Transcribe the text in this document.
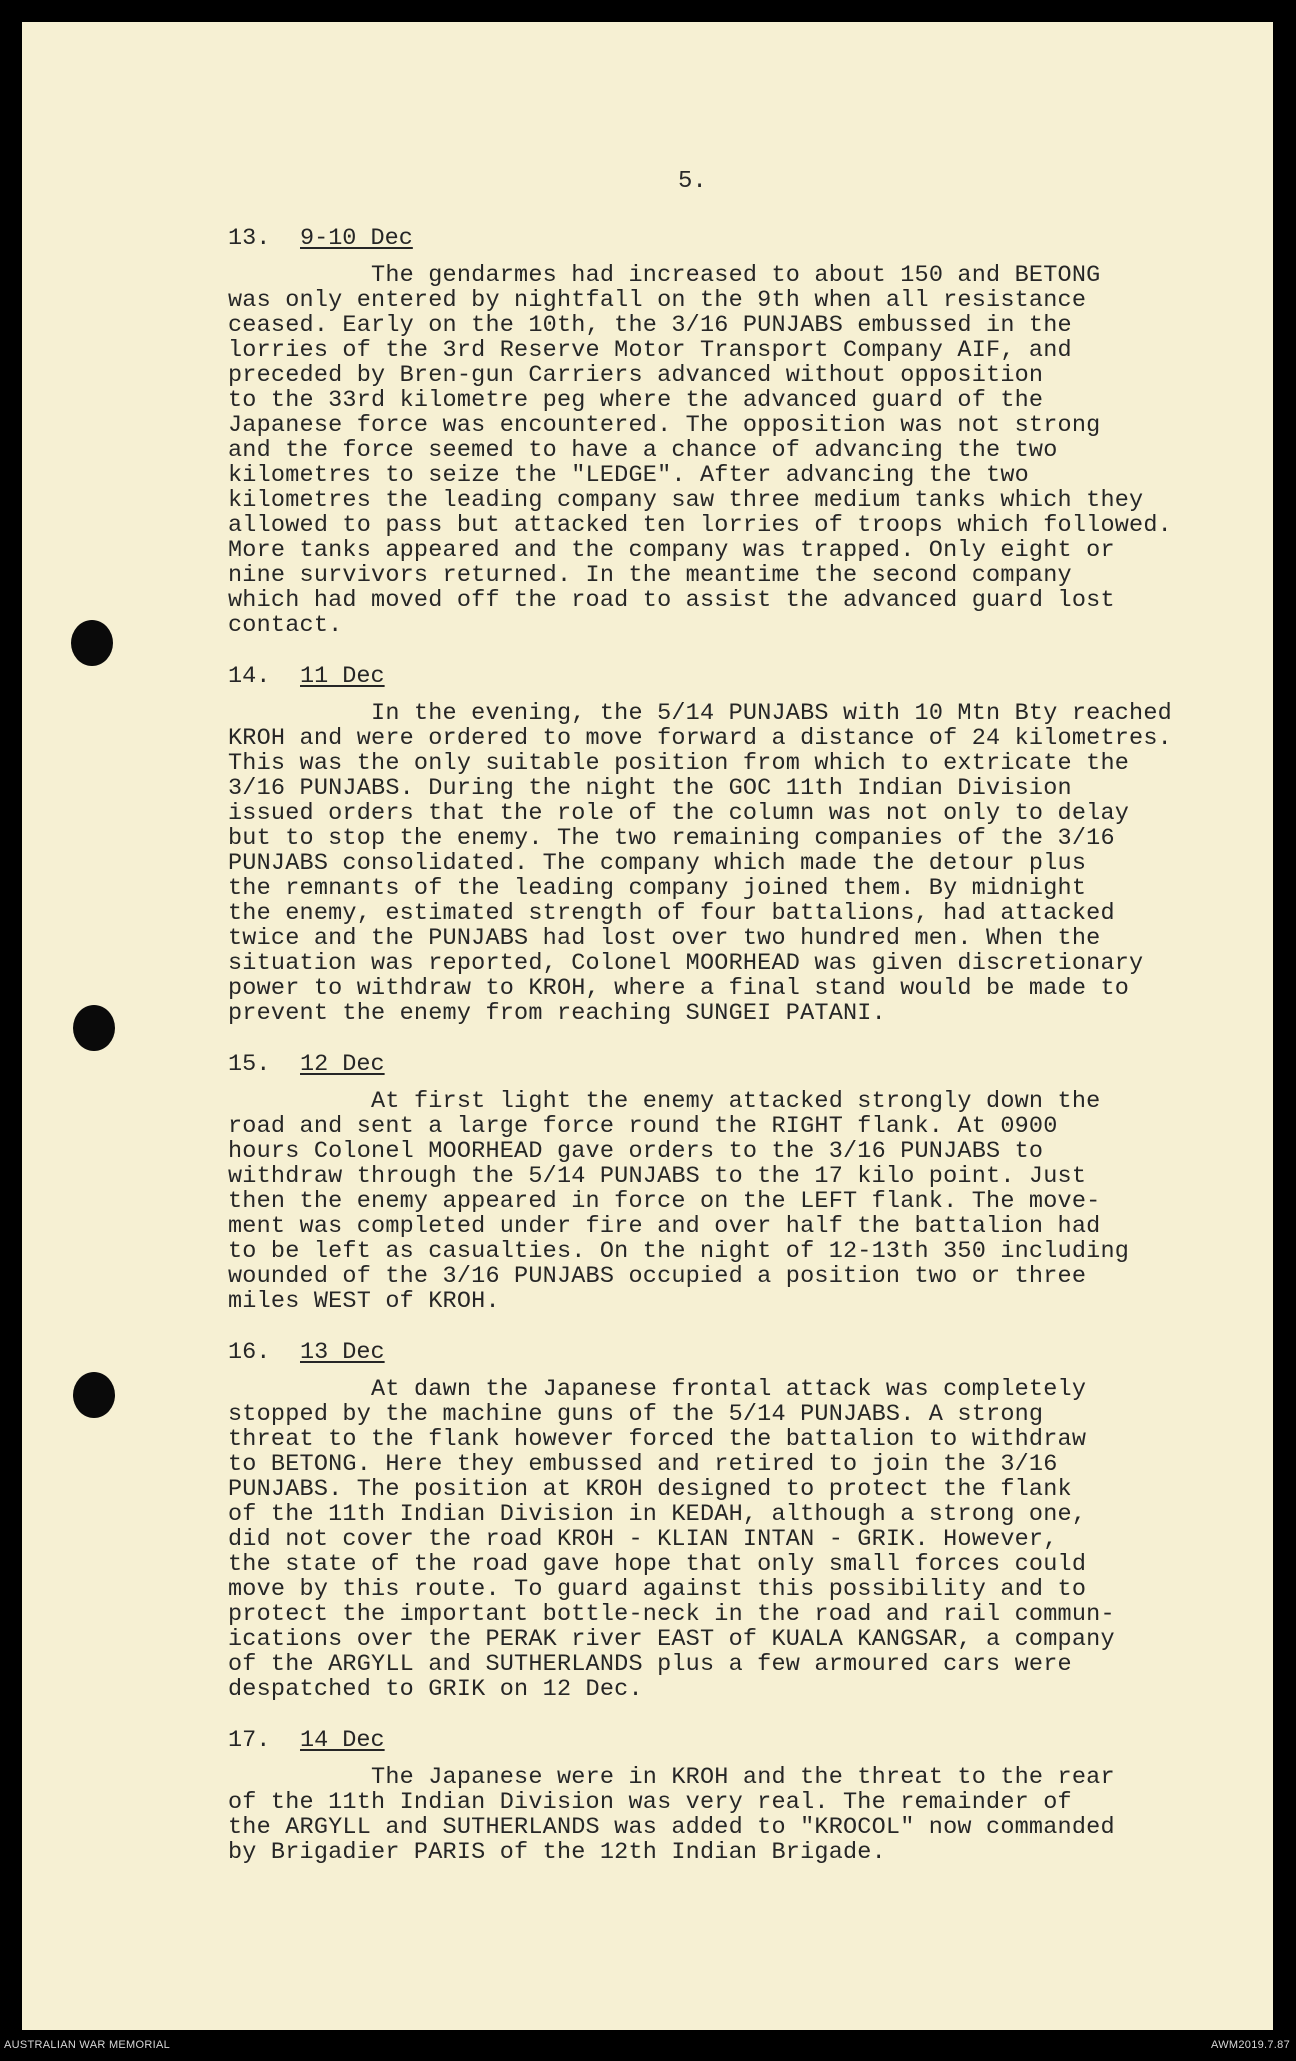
5.

13. 9-10 Dec

The gendarmes had increased to about 150 and BETONG
was only entered by nightfall on the 9th when all resistance
ceased. Early on the 10th, the 3/16 PUNJABS embussed in the
lorries of the 3rd Reserve Motor Transport Company AIF, and
preceded by Bren-gun Carriers advanced without opposition
to the 33rd kilometre peg where the advanced guard of the
Japanese force was encountered. The opposition was not strong
and the force seemed to have a chance of advancing the two
kilometres to seize the "LEDGE". After advancing the two
kilometres the leading company saw three medium tanks which they
allowed to pass but attacked ten lorries of troops which followed.
More tanks appeared and the company was trapped. Only eight or
nine survivors returned. In the meantime the second company
which had moved off the road to assist the advanced guard lost
contact.

14. 11 Dec

In the evening, the 5/14 PUNJABS with 10 Mtn Bty reached
KROH and were ordered to move forward a distance of 24 kilometres.
This was the only suitable position from which to extricate the
3/16 PUNJABS. During the night the GOC 11th Indian Division
issued orders that the role of the column was not only to delay
but to stop the enemy. The two remaining companies of the 3/16
PUNJABS consolidated. The company which made the detour plus
the remnants of the leading company joined them. By midnight
the enemy, estimated strength of four battalions, had attacked
twice and the PUNJABS had lost over two hundred men. When the
situation was reported, Colonel MOORHEAD was given discretionary
power to withdraw to KROH, where a final stand would be made to
prevent the enemy from reaching SUNGEI PATANI.

15. 12 Dec

At first light the enemy attacked strongly down the
road and sent a large force round the RIGHT flank. At 0900
hours Colonel MOORHEAD gave orders to the 3/16 PUNJABS to
withdraw through the 5/14 PUNJABS to the 17 kilo point. Just
then the enemy appeared in force on the LEFT flank. The move-
ment was completed under fire and over half the battalion had
to be left as casualties. On the night of 12-13th 350 including
wounded of the 3/16 PUNJABS occupied a position two or three
miles WEST of KROH.

16. 13 Dec

At dawn the Japanese frontal attack was completely
stopped by the machine guns of the 5/14 PUNJABS. A strong
threat to the flank however forced the battalion to withdraw
to BETONG. Here they embussed and retired to join the 3/16
PUNJABS. The position at KROH designed to protect the flank
of the 11th Indian Division in KEDAH, although a strong one,
did not cover the road KROH - KLIAN INTAN - GRIK. However,
the state of the road gave hope that only small forces could
move by this route. To guard against this possibility and to
protect the important bottle-neck in the road and rail commun-
ications over the PERAK river EAST of KUALA KANGSAR, a company
of the ARGYLL and SUTHERLANDS plus a few armoured cars were
despatched to GRIK on 12 Dec.

17. 14 Dec

The Japanese were in KROH and the threat to the rear
of the 11th Indian Division was very real. The remainder of
the ARGYLL and SUTHERLANDS was added to "KROCOL" now commanded
by Brigadier PARIS of the 12th Indian Brigade.

AUSTRALIAN WAR MEMORIAL	AWM2019.7.87
